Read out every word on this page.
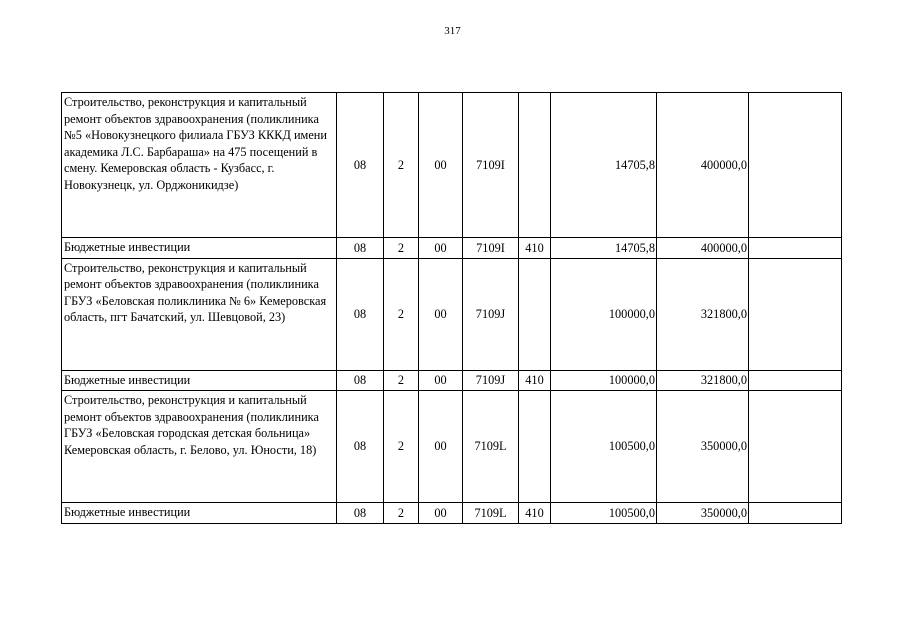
317
Строительство, реконструкция и капитальный ремонт объектов здравоохранения (поликлиника №5 «Новокузнецкого филиала ГБУЗ КККД имени академика Л.С. Барбараша» на 475 посещений в смену. Кемеровская область - Кузбасс, г. Новокузнецк, ул. Орджоникидзе)	08	2	00	7109I		14705,8	400000,0	
Бюджетные инвестиции	08	2	00	7109I	410	14705,8	400000,0	
Строительство, реконструкция и капитальный ремонт объектов здравоохранения (поликлиника ГБУЗ «Беловская поликлиника № 6» Кемеровская область, пгт Бачатский, ул. Шевцовой, 23)	08	2	00	7109J		100000,0	321800,0	
Бюджетные инвестиции	08	2	00	7109J	410	100000,0	321800,0	
Строительство, реконструкция и капитальный ремонт объектов здравоохранения (поликлиника ГБУЗ «Беловская городская детская больница» Кемеровская область, г. Белово, ул. Юности, 18)	08	2	00	7109L		100500,0	350000,0	
Бюджетные инвестиции	08	2	00	7109L	410	100500,0	350000,0	
